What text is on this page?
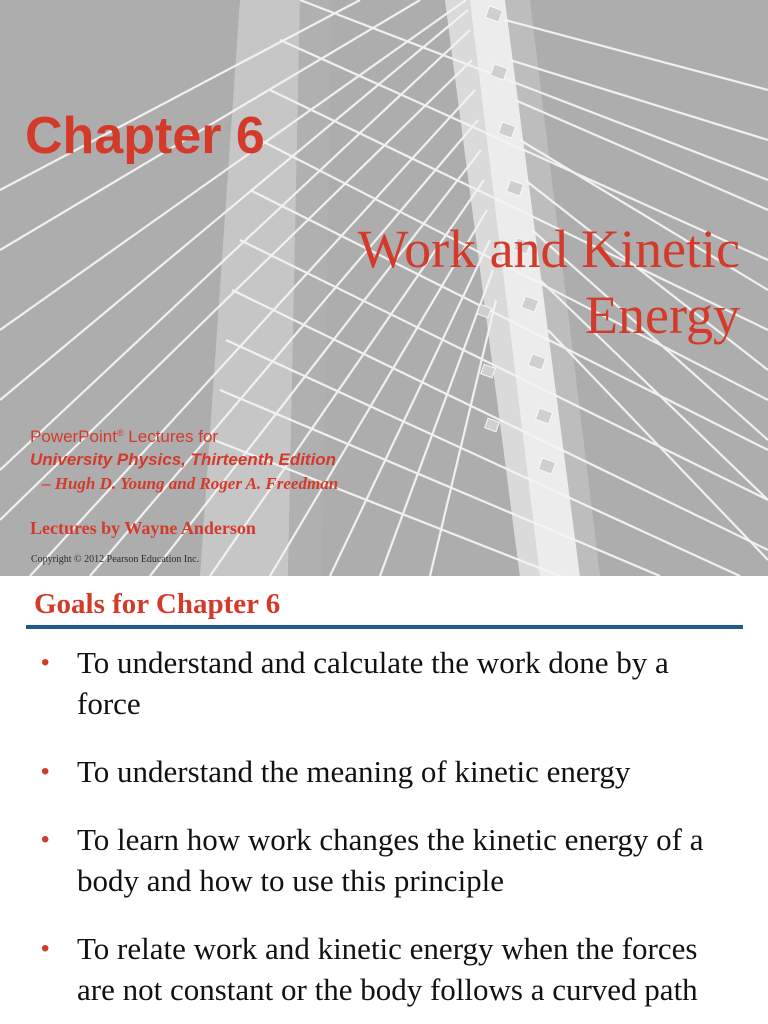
Chapter 6
Work and Kinetic Energy
PowerPoint® Lectures for
University Physics, Thirteenth Edition
– Hugh D. Young and Roger A. Freedman

Lectures by Wayne Anderson

Copyright © 2012 Pearson Education Inc.

Goals for Chapter 6
• To understand and calculate the work done by a force
• To understand the meaning of kinetic energy
• To learn how work changes the kinetic energy of a body and how to use this principle
• To relate work and kinetic energy when the forces are not constant or the body follows a curved path
